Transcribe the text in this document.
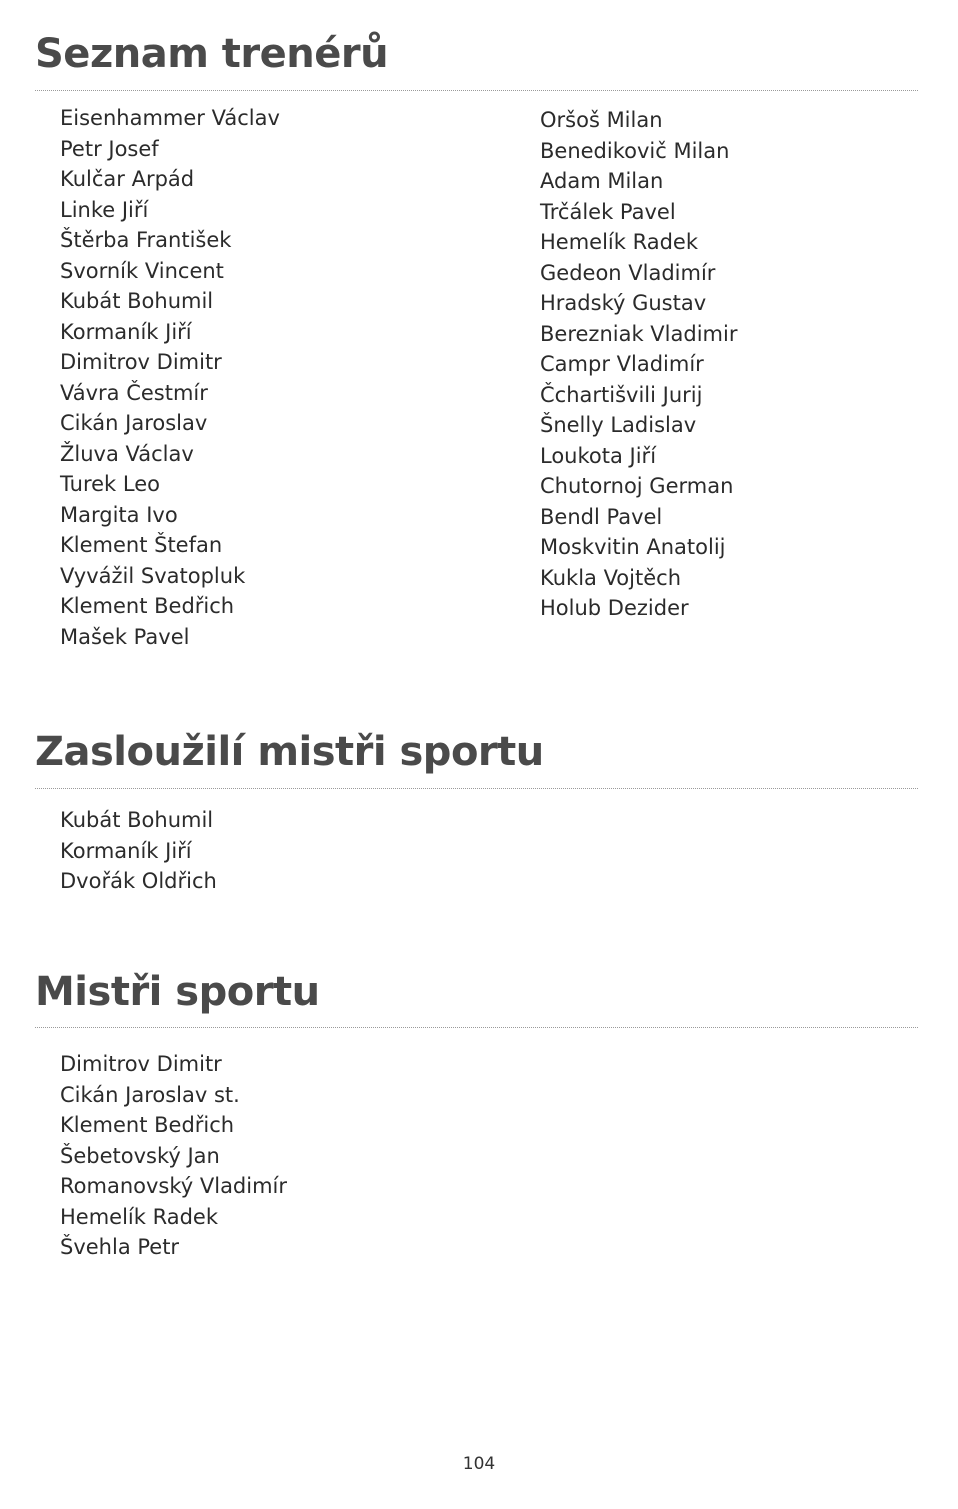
Seznam trenérů
Eisenhammer Václav
Petr Josef
Kulčar Arpád
Linke Jiří
Štěrba František
Svorník Vincent
Kubát Bohumil
Kormaník Jiří
Dimitrov Dimitr
Vávra Čestmír
Cikán Jaroslav
Žluva Václav
Turek Leo
Margita Ivo
Klement Štefan
Vyvážil Svatopluk
Klement Bedřich
Mašek Pavel
Oršoš Milan
Benedikovič Milan
Adam Milan
Trčálek Pavel
Hemelík Radek
Gedeon Vladimír
Hradský Gustav
Berezniak Vladimir
Campr Vladimír
Čchartišvili Jurij
Šnelly Ladislav
Loukota Jiří
Chutornoj German
Bendl Pavel
Moskvitin Anatolij
Kukla Vojtěch
Holub Dezider
Zasloužilí mistři sportu
Kubát Bohumil
Kormaník Jiří
Dvořák Oldřich
Mistři sportu
Dimitrov Dimitr
Cikán Jaroslav st.
Klement Bedřich
Šebetovský Jan
Romanovský Vladimír
Hemelík Radek
Švehla Petr
104
